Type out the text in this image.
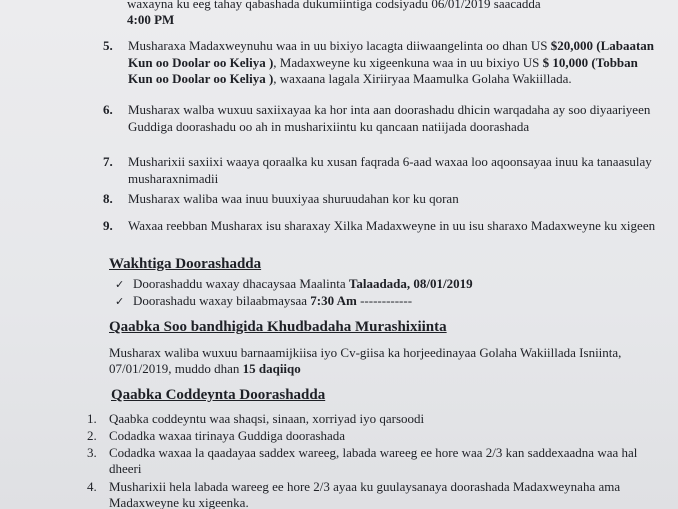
waxayna ku eeg tahay qabashada dukumiintiga codsiyadu 06/01/2019 saacadda
4:00 PM
5.	Musharaxa Madaxweynuhu waa in uu bixiyo lacagta diiwaangelinta oo dhan US $20,000 (Labaatan Kun oo Doolar oo Keliya ), Madaxweyne ku xigeenkuna waa in uu bixiyo US $ 10,000 (Tobban Kun oo Doolar oo Keliya ), waxaana lagala Xiriiryaa Maamulka Golaha Wakiillada.
6.	Musharax walba wuxuu saxiixayaa ka hor inta aan doorashadu dhicin warqadaha ay soo diyaariyeen Guddiga doorashadu oo ah in musharixiintu ku qancaan natiijada doorashada
7.	Musharixii saxiixi waaya qoraalka ku xusan faqrada 6-aad waxaa loo aqoonsayaa inuu ka tanaasulay musharaxnimadii
8.	Musharax waliba waa inuu buuxiyaa shuruudahan kor ku qoran
9.	Waxaa reebban Musharax isu sharaxay Xilka Madaxweyne in uu isu sharaxo Madaxweyne ku xigeen
Wakhtiga Doorashadda
✓ Doorashaddu waxay dhacaysaa Maalinta Talaadada, 08/01/2019
✓ Doorashadu waxay bilaabmaysaa 7:30 Am ------------
Qaabka Soo bandhigida Khudbadaha Murashixiinta
Musharax waliba wuxuu barnaamijkiisa iyo Cv-giisa ka horjeedinayaa Golaha Wakiillada Isniinta, 07/01/2019, muddo dhan 15 daqiiqo
Qaabka Coddeynta Doorashadda
1. Qaabka coddeyntu waa shaqsi, sinaan, xorriyad iyo qarsoodi
2. Codadka waxaa tirinaya Guddiga doorashada
3. Codadka waxaa la qaadayaa saddex wareeg, labada wareeg ee hore waa 2/3 kan saddexaadna waa hal dheeri
4. Musharixii hela labada wareeg ee hore 2/3 ayaa ku guulaysanaya doorashada Madaxweynaha ama Madaxweyne ku xigeenka.
